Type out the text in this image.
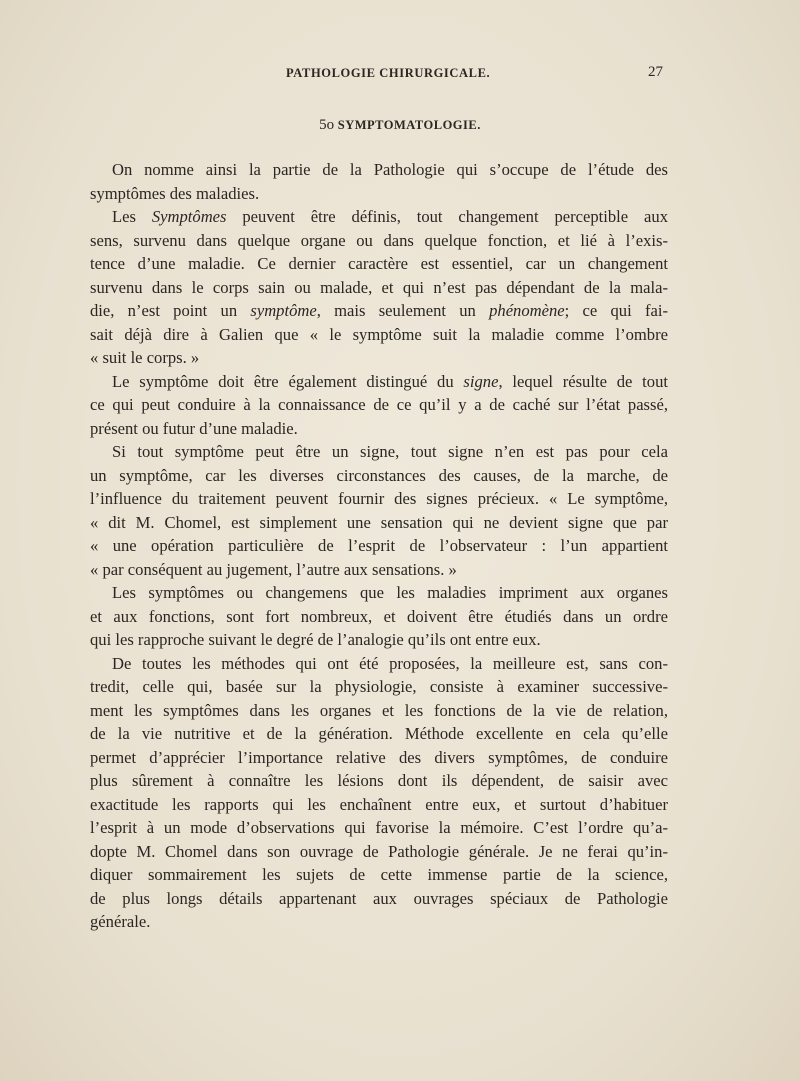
PATHOLOGIE CHIRURGICALE.	27
5o SYMPTOMATOLOGIE.
On nomme ainsi la partie de la Pathologie qui s’occupe de l’étude des
symptômes des maladies.
Les Symptômes peuvent être définis, tout changement perceptible aux
sens, survenu dans quelque organe ou dans quelque fonction, et lié à l’exis-
tence d’une maladie. Ce dernier caractère est essentiel, car un changement
survenu dans le corps sain ou malade, et qui n’est pas dépendant de la mala-
die, n’est point un symptôme, mais seulement un phénomène; ce qui fai-
sait déjà dire à Galien que « le symptôme suit la maladie comme l’ombre
« suit le corps. »
Le symptôme doit être également distingué du signe, lequel résulte de tout
ce qui peut conduire à la connaissance de ce qu’il y a de caché sur l’état passé,
présent ou futur d’une maladie.
Si tout symptôme peut être un signe, tout signe n’en est pas pour cela
un symptôme, car les diverses circonstances des causes, de la marche, de
l’influence du traitement peuvent fournir des signes précieux. « Le symptôme,
« dit M. Chomel, est simplement une sensation qui ne devient signe que par
« une opération particulière de l’esprit de l’observateur : l’un appartient
« par conséquent au jugement, l’autre aux sensations. »
Les symptômes ou changemens que les maladies impriment aux organes
et aux fonctions, sont fort nombreux, et doivent être étudiés dans un ordre
qui les rapproche suivant le degré de l’analogie qu’ils ont entre eux.
De toutes les méthodes qui ont été proposées, la meilleure est, sans con-
tredit, celle qui, basée sur la physiologie, consiste à examiner successive-
ment les symptômes dans les organes et les fonctions de la vie de relation,
de la vie nutritive et de la génération. Méthode excellente en cela qu’elle
permet d’apprécier l’importance relative des divers symptômes, de conduire
plus sûrement à connaître les lésions dont ils dépendent, de saisir avec
exactitude les rapports qui les enchaînent entre eux, et surtout d’habituer
l’esprit à un mode d’observations qui favorise la mémoire. C’est l’ordre qu’a-
dopte M. Chomel dans son ouvrage de Pathologie générale. Je ne ferai qu’in-
diquer sommairement les sujets de cette immense partie de la science,
de plus longs détails appartenant aux ouvrages spéciaux de Pathologie
générale.
